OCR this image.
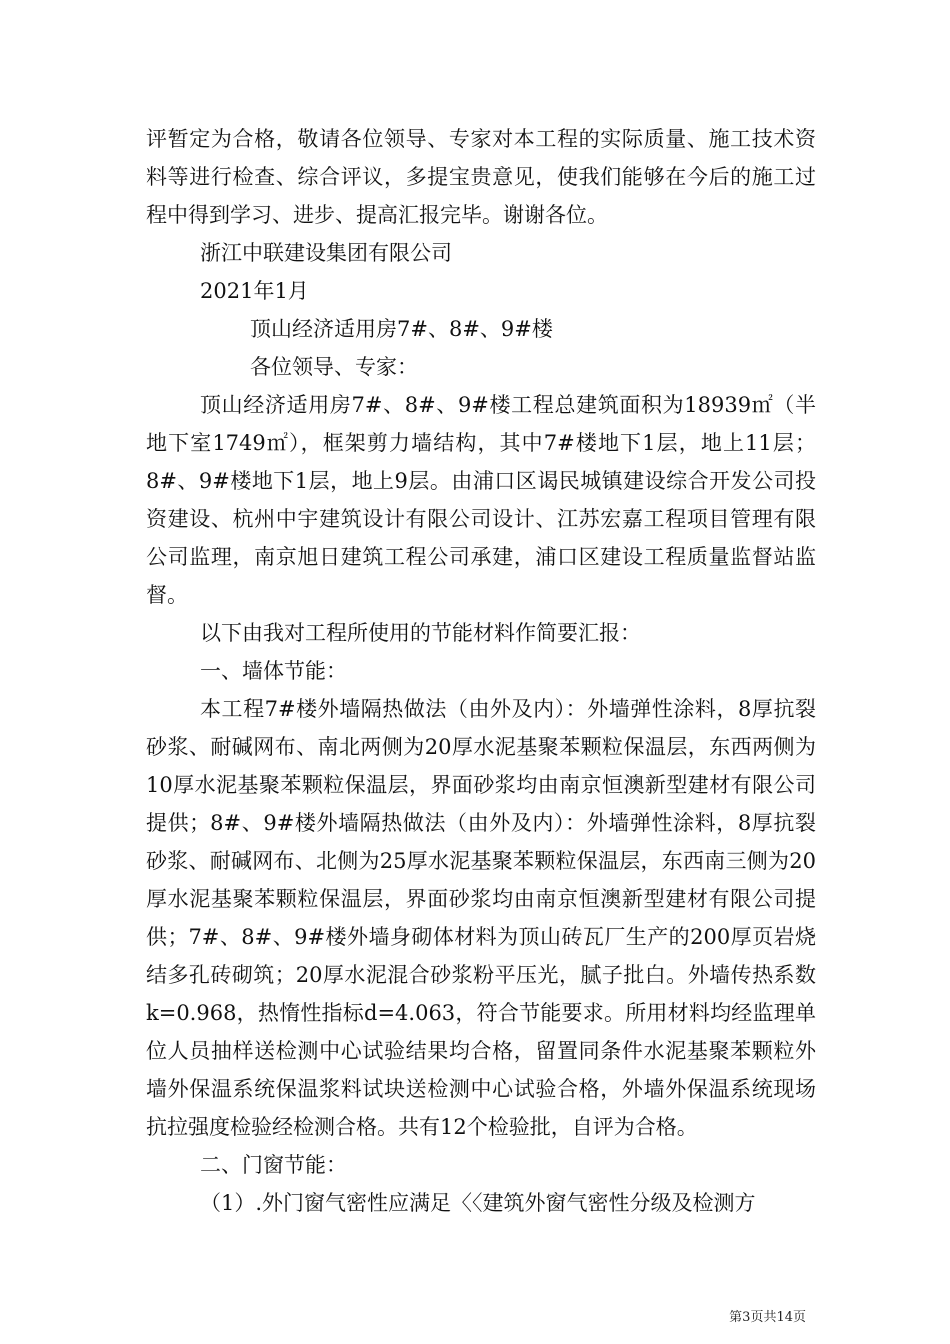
评暂定为合格，敬请各位领导、专家对本工程的实际质量、施工技术资料等进行检查、综合评议，多提宝贵意见，使我们能够在今后的施工过程中得到学习、进步、提高汇报完毕。谢谢各位。

浙江中联建设集团有限公司

2021年1月

顶山经济适用房7#、8#、9#楼

各位领导、专家：

顶山经济适用房7#、8#、9#楼工程总建筑面积为18939㎡（半地下室1749㎡），框架剪力墙结构，其中7#楼地下1层，地上11层；8#、9#楼地下1层，地上9层。由浦口区谒民城镇建设综合开发公司投资建设、杭州中宇建筑设计有限公司设计、江苏宏嘉工程项目管理有限公司监理，南京旭日建筑工程公司承建，浦口区建设工程质量监督站监督。

以下由我对工程所使用的节能材料作简要汇报：

一、墙体节能：

本工程7#楼外墙隔热做法（由外及内）：外墙弹性涂料，8厚抗裂砂浆、耐碱网布、南北两侧为20厚水泥基聚苯颗粒保温层，东西两侧为10厚水泥基聚苯颗粒保温层，界面砂浆均由南京恒澳新型建材有限公司提供；8#、9#楼外墙隔热做法（由外及内）：外墙弹性涂料，8厚抗裂砂浆、耐碱网布、北侧为25厚水泥基聚苯颗粒保温层，东西南三侧为20厚水泥基聚苯颗粒保温层，界面砂浆均由南京恒澳新型建材有限公司提供；7#、8#、9#楼外墙身砌体材料为顶山砖瓦厂生产的200厚页岩烧结多孔砖砌筑；20厚水泥混合砂浆粉平压光，腻子批白。外墙传热系数k=0.968，热惰性指标d=4.063，符合节能要求。所用材料均经监理单位人员抽样送检测中心试验结果均合格，留置同条件水泥基聚苯颗粒外墙外保温系统保温浆料试块送检测中心试验合格，外墙外保温系统现场抗拉强度检验经检测合格。共有12个检验批，自评为合格。

二、门窗节能：

（1）.外门窗气密性应满足〈〈建筑外窗气密性分级及检测方

第3页共14页
